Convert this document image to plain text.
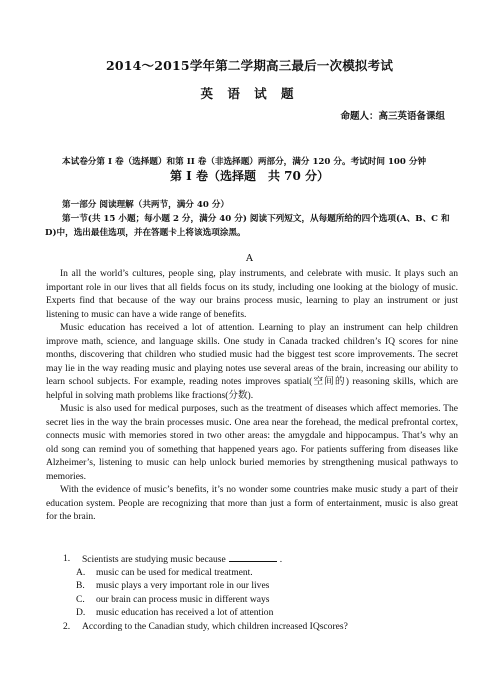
2014～2015学年第二学期高三最后一次模拟考试
英 语 试 题
命题人：高三英语备课组
本试卷分第 I 卷（选择题）和第 II 卷（非选择题）两部分，满分 120 分。考试时间 100 分钟
第 I 卷（选择题　共 70 分）
第一部分 阅读理解（共两节，满分 40 分）
第一节(共 15 小题；每小题 2 分，满分 40 分) 阅读下列短文，从每题所给的四个选项(A、B、C 和 D)中，选出最佳选项，并在答题卡上将该选项涂黑。
A

In all the world’s cultures, people sing, play instruments, and celebrate with music. It plays such an important role in our lives that all fields focus on its study, including one looking at the biology of music. Experts find that because of the way our brains process music, learning to play an instrument or just listening to music can have a wide range of benefits.

Music education has received a lot of attention. Learning to play an instrument can help children improve math, science, and language skills. One study in Canada tracked children’s IQ scores for nine months, discovering that children who studied music had the biggest test score improvements. The secret may lie in the way reading music and playing notes use several areas of the brain, increasing our ability to learn school subjects. For example, reading notes improves spatial(空间的) reasoning skills, which are helpful in solving math problems like fractions(分数).

Music is also used for medical purposes, such as the treatment of diseases which affect memories. The secret lies in the way the brain processes music. One area near the forehead, the medical prefrontal cortex, connects music with memories stored in two other areas: the amygdale and hippocampus. That’s why an old song can remind you of something that happened years ago. For patients suffering from diseases like Alzheimer’s, listening to music can help unlock buried memories by strengthening musical pathways to memories.

With the evidence of music’s benefits, it’s no wonder some countries make music study a part of their education system. People are recognizing that more than just a form of entertainment, music is also great for the brain.

1. Scientists are studying music because	.
A. music can be used for medical treatment.
B. music plays a very important role in our lives
C. our brain can process music in different ways
D. music education has received a lot of attention
2. According to the Canadian study, which children increased IQscores?
